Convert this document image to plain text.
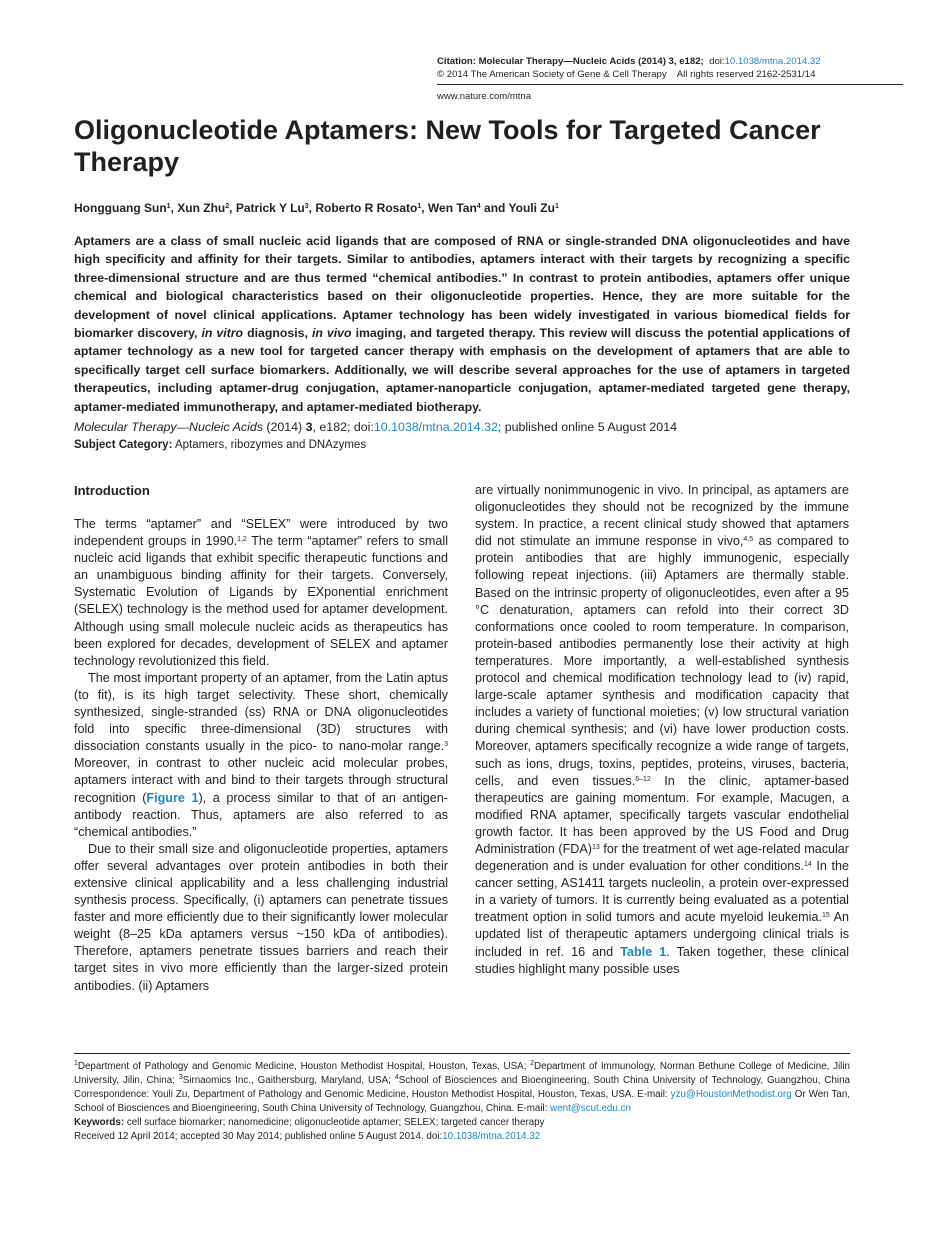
Citation: Molecular Therapy—Nucleic Acids (2014) 3, e182; doi:10.1038/mtna.2014.32
© 2014 The American Society of Gene & Cell Therapy All rights reserved 2162-2531/14
www.nature.com/mtna
Oligonucleotide Aptamers: New Tools for Targeted Cancer Therapy
Hongguang Sun$^1$, Xun Zhu$^2$, Patrick Y Lu$^3$, Roberto R Rosato$^1$, Wen Tan$^4$ and Youli Zu$^1$

Aptamers are a class of small nucleic acid ligands that are composed of RNA or single-stranded DNA oligonucleotides and have high specificity and affinity for their targets. Similar to antibodies, aptamers interact with their targets by recognizing a specific three-dimensional structure and are thus termed “chemical antibodies.” In contrast to protein antibodies, aptamers offer unique chemical and biological characteristics based on their oligonucleotide properties. Hence, they are more suitable for the development of novel clinical applications. Aptamer technology has been widely investigated in various biomedical fields for biomarker discovery, in vitro diagnosis, in vivo imaging, and targeted therapy. This review will discuss the potential applications of aptamer technology as a new tool for targeted cancer therapy with emphasis on the development of aptamers that are able to specifically target cell surface biomarkers. Additionally, we will describe several approaches for the use of aptamers in targeted therapeutics, including aptamer-drug conjugation, aptamer-nanoparticle conjugation, aptamer-mediated targeted gene therapy, aptamer-mediated immunotherapy, and aptamer-mediated biotherapy.

Molecular Therapy—Nucleic Acids (2014) 3, e182; doi:10.1038/mtna.2014.32; published online 5 August 2014
Subject Category: Aptamers, ribozymes and DNAzymes

Introduction

The terms “aptamer” and “SELEX” were introduced by two independent groups in 1990.$^{1,2}$ The term “aptamer” refers to small nucleic acid ligands that exhibit specific therapeutic functions and an unambiguous binding affinity for their targets. Conversely, Systematic Evolution of Ligands by EXponential enrichment (SELEX) technology is the method used for aptamer development. Although using small molecule nucleic acids as therapeutics has been explored for decades, development of SELEX and aptamer technology revolutionized this field.

The most important property of an aptamer, from the Latin aptus (to fit), is its high target selectivity. These short, chemically synthesized, single-stranded (ss) RNA or DNA oligonucleotides fold into specific three-dimensional (3D) structures with dissociation constants usually in the pico- to nano-molar range.$^3$ Moreover, in contrast to other nucleic acid molecular probes, aptamers interact with and bind to their targets through structural recognition (Figure 1), a process similar to that of an antigen-antibody reaction. Thus, aptamers are also referred to as “chemical antibodies.”

Due to their small size and oligonucleotide properties, aptamers offer several advantages over protein antibodies in both their extensive clinical applicability and a less challenging industrial synthesis process. Specifically, (i) aptamers can penetrate tissues faster and more efficiently due to their significantly lower molecular weight (8–25 kDa aptamers versus ~150 kDa of antibodies). Therefore, aptamers penetrate tissues barriers and reach their target sites in vivo more efficiently than the larger-sized protein antibodies. (ii) Aptamers

are virtually nonimmunogenic in vivo. In principal, as aptamers are oligonucleotides they should not be recognized by the immune system. In practice, a recent clinical study showed that aptamers did not stimulate an immune response in vivo,$^{4,5}$ as compared to protein antibodies that are highly immunogenic, especially following repeat injections. (iii) Aptamers are thermally stable. Based on the intrinsic property of oligonucleotides, even after a 95 °C denaturation, aptamers can refold into their correct 3D conformations once cooled to room temperature. In comparison, protein-based antibodies permanently lose their activity at high temperatures. More importantly, a well-established synthesis protocol and chemical modification technology lead to (iv) rapid, large-scale aptamer synthesis and modification capacity that includes a variety of functional moieties; (v) low structural variation during chemical synthesis; and (vi) have lower production costs. Moreover, aptamers specifically recognize a wide range of targets, such as ions, drugs, toxins, peptides, proteins, viruses, bacteria, cells, and even tissues.$^{6-12}$ In the clinic, aptamer-based therapeutics are gaining momentum. For example, Macugen, a modified RNA aptamer, specifically targets vascular endothelial growth factor. It has been approved by the US Food and Drug Administration (FDA)$^{13}$ for the treatment of wet age-related macular degeneration and is under evaluation for other conditions.$^{14}$ In the cancer setting, AS1411 targets nucleolin, a protein over-expressed in a variety of tumors. It is currently being evaluated as a potential treatment option in solid tumors and acute myeloid leukemia.$^{15}$ An updated list of therapeutic aptamers undergoing clinical trials is included in ref. 16 and Table 1. Taken together, these clinical studies highlight many possible uses

$^1$Department of Pathology and Genomic Medicine, Houston Methodist Hospital, Houston, Texas, USA; $^2$Department of Immunology, Norman Bethune College of Medicine, Jilin University, Jilin, China; $^3$Sirnaomics Inc., Gaithersburg, Maryland, USA; $^4$School of Biosciences and Bioengineering, South China University of Technology, Guangzhou, China Correspondence: Youli Zu, Department of Pathology and Genomic Medicine, Houston Methodist Hospital, Houston, Texas, USA. E-mail: yzu@HoustonMethodist.org Or Wen Tan, School of Biosciences and Bioengineering, South China University of Technology, Guangzhou, China. E-mail: went@scut.edu.cn

Keywords: cell surface biomarker; nanomedicine; oligonucleotide aptamer; SELEX; targeted cancer therapy

Received 12 April 2014; accepted 30 May 2014; published online 5 August 2014. doi:10.1038/mtna.2014.32
